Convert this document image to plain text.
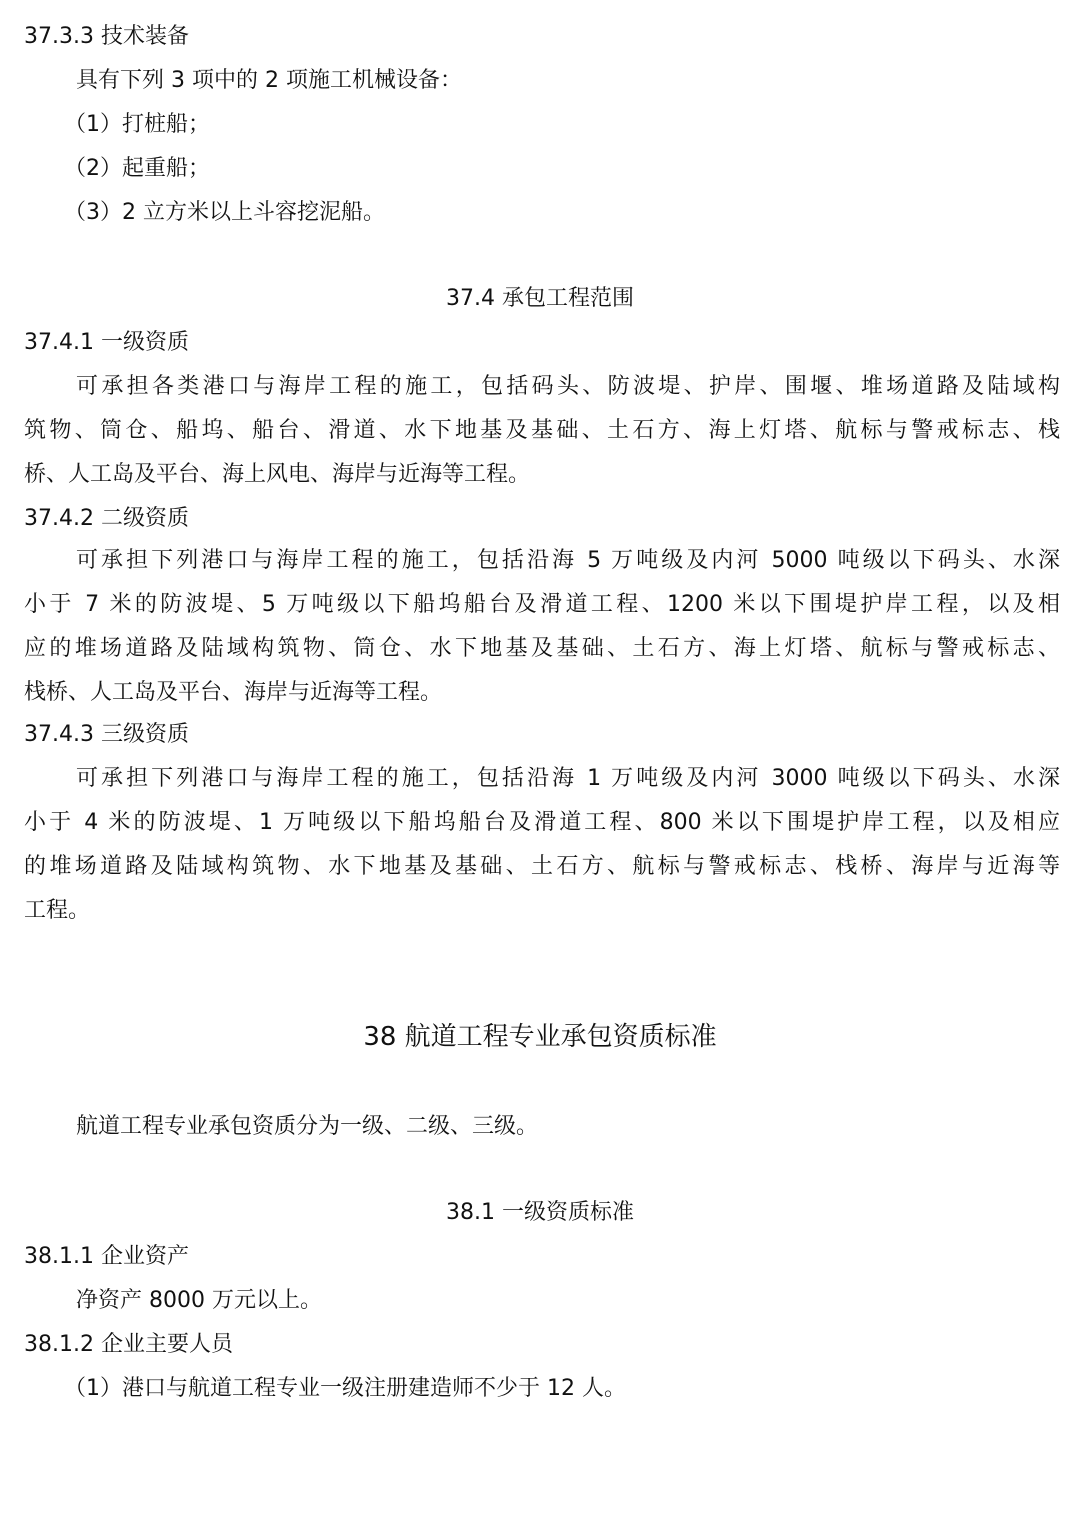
37.3.3 技术装备
具有下列 3 项中的 2 项施工机械设备：
（1）打桩船；
（2）起重船；
（3）2 立方米以上斗容挖泥船。
37.4 承包工程范围
37.4.1 一级资质
可承担各类港口与海岸工程的施工，包括码头、防波堤、护岸、围堰、堆场道路及陆域构
筑物、筒仓、船坞、船台、滑道、水下地基及基础、土石方、海上灯塔、航标与警戒标志、栈
桥、人工岛及平台、海上风电、海岸与近海等工程。
37.4.2 二级资质
可承担下列港口与海岸工程的施工，包括沿海 5 万吨级及内河 5000 吨级以下码头、水深
小于 7 米的防波堤、5 万吨级以下船坞船台及滑道工程、1200 米以下围堤护岸工程，以及相
应的堆场道路及陆域构筑物、筒仓、水下地基及基础、土石方、海上灯塔、航标与警戒标志、
栈桥、人工岛及平台、海岸与近海等工程。
37.4.3 三级资质
可承担下列港口与海岸工程的施工，包括沿海 1 万吨级及内河 3000 吨级以下码头、水深
小于 4 米的防波堤、1 万吨级以下船坞船台及滑道工程、800 米以下围堤护岸工程，以及相应
的堆场道路及陆域构筑物、水下地基及基础、土石方、航标与警戒标志、栈桥、海岸与近海等
工程。
38 航道工程专业承包资质标准
航道工程专业承包资质分为一级、二级、三级。
38.1 一级资质标准
38.1.1 企业资产
净资产 8000 万元以上。
38.1.2 企业主要人员
（1）港口与航道工程专业一级注册建造师不少于 12 人。
